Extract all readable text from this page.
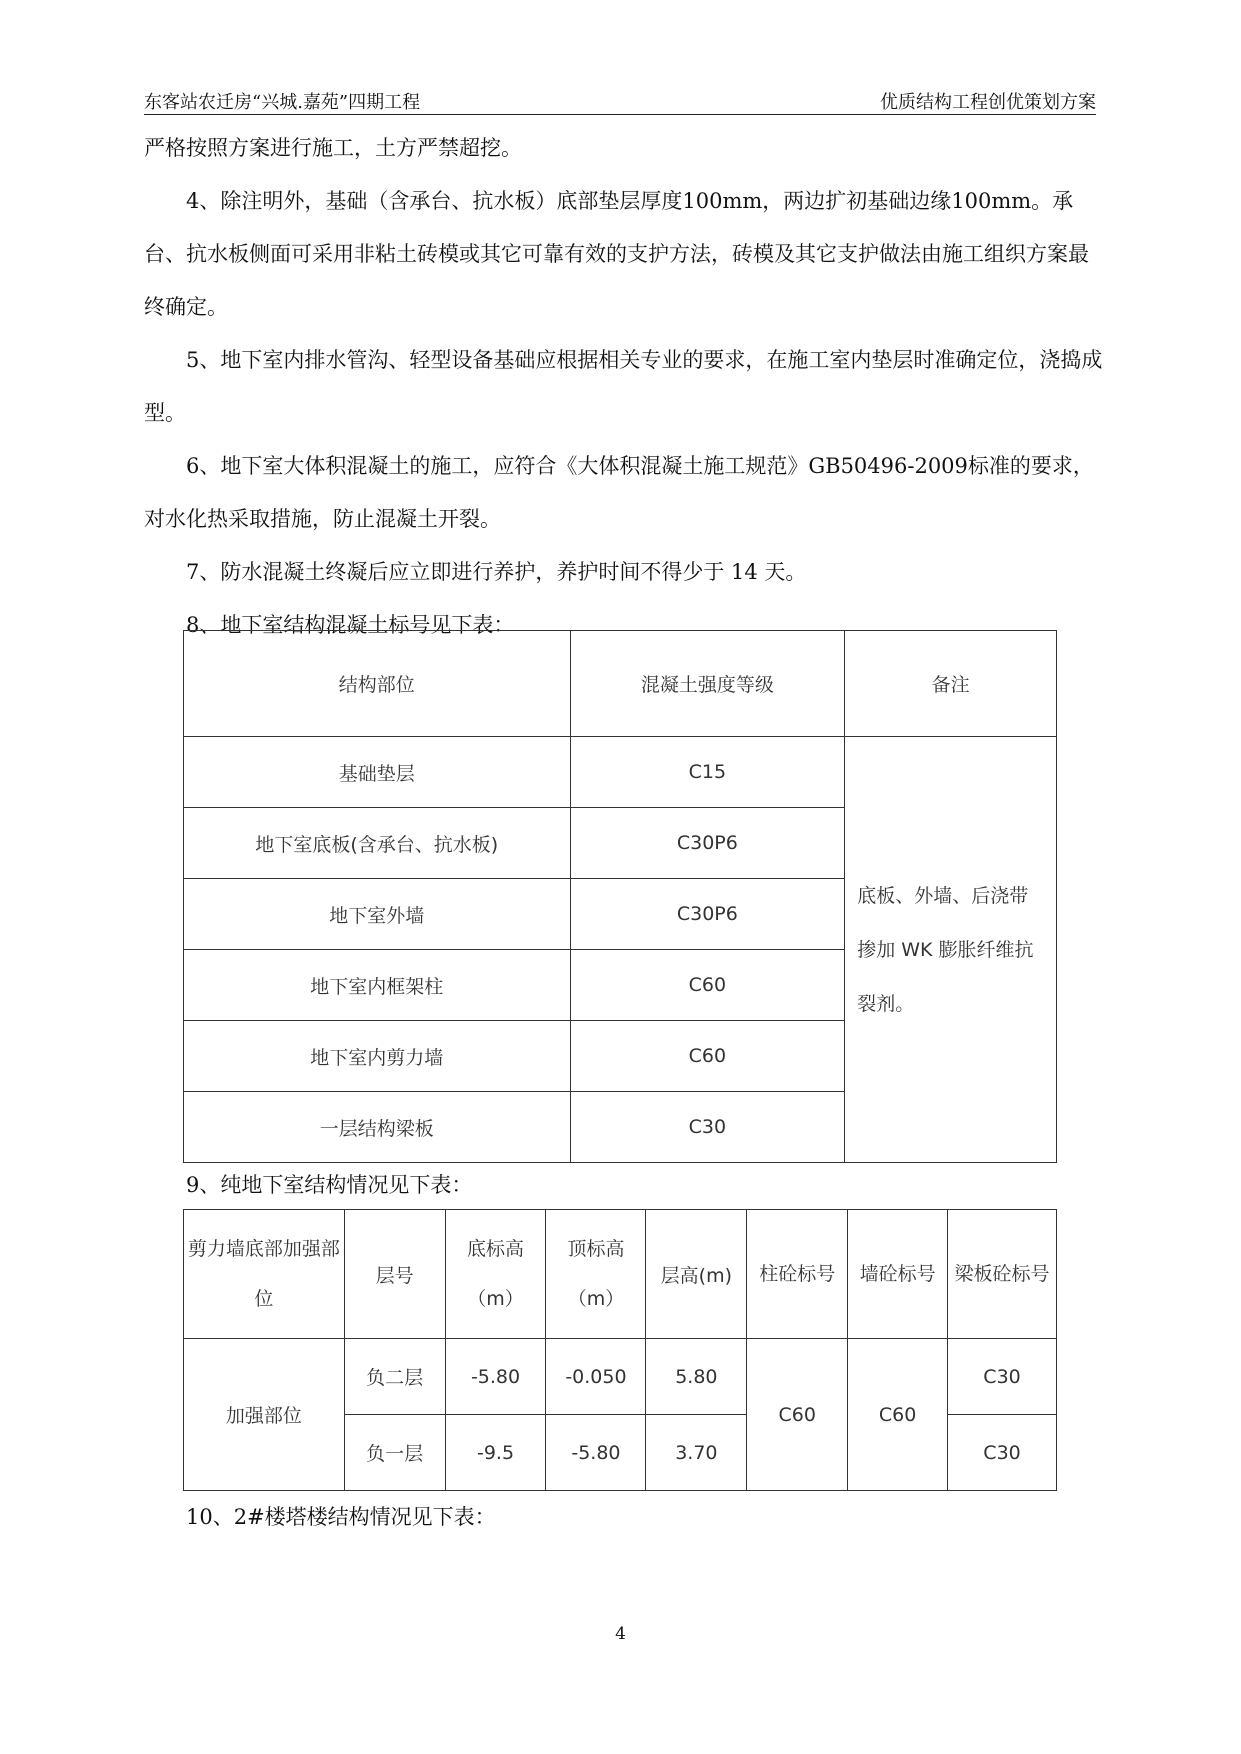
东客站农迁房“兴城.嘉苑”四期工程	优质结构工程创优策划方案

严格按照方案进行施工，土方严禁超挖。

4、除注明外，基础（含承台、抗水板）底部垫层厚度100mm，两边扩初基础边缘100mm。承台、抗水板侧面可采用非粘土砖模或其它可靠有效的支护方法，砖模及其它支护做法由施工组织方案最终确定。

5、地下室内排水管沟、轻型设备基础应根据相关专业的要求，在施工室内垫层时准确定位，浇捣成型。

6、地下室大体积混凝土的施工，应符合《大体积混凝土施工规范》GB50496-2009标准的要求，对水化热采取措施，防止混凝土开裂。

7、防水混凝土终凝后应立即进行养护，养护时间不得少于 14 天。

8、地下室结构混凝土标号见下表：

结构部位	混凝土强度等级	备注
基础垫层	C15	底板、外墙、后浇带掺加 WK 膨胀纤维抗裂剂。
地下室底板(含承台、抗水板)	C30P6	
地下室外墙	C30P6	
地下室内框架柱	C60	
地下室内剪力墙	C60	
一层结构梁板	C30	

9、纯地下室结构情况见下表：

剪力墙底部加强部位	层号	底标高（m）	顶标高（m）	层高(m)	柱砼标号	墙砼标号	梁板砼标号
加强部位	负二层	-5.80	-0.050	5.80	C60	C60	C30
	负一层	-9.5	-5.80	3.70			C30

10、2#楼塔楼结构情况见下表：

4
